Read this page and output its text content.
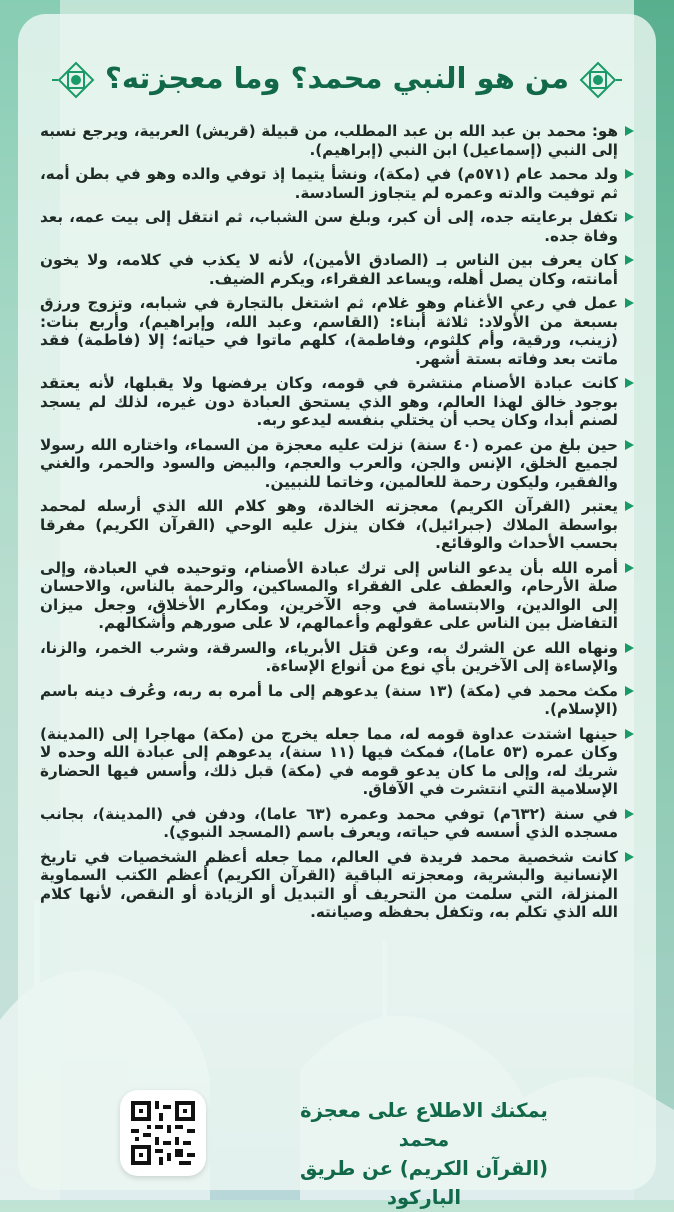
من هو النبي محمد؟ وما معجزته؟
هو: محمد بن عبد الله بن عبد المطلب، من قبيلة (قريش) العربية، ويرجع نسبه إلى النبي (إسماعيل) ابن النبي (إبراهيم).
ولد محمد عام (٥٧١م) في (مكة)، ونشأ يتيما إذ توفي والده وهو في بطن أمه، ثم توفيت والدته وعمره لم يتجاوز السادسة.
تكفل برعايته جده، إلى أن كبر، وبلغ سن الشباب، ثم انتقل إلى بيت عمه، بعد وفاة جده.
كان يعرف بين الناس بـ (الصادق الأمين)، لأنه لا يكذب في كلامه، ولا يخون أمانته، وكان يصل أهله، ويساعد الفقراء، ويكرم الضيف.
عمل في رعي الأغنام وهو غلام، ثم اشتغل بالتجارة في شبابه، وتزوج ورزق بسبعة من الأولاد: ثلاثة أبناء: (القاسم، وعبد الله، وإبراهيم)، وأربع بنات: (زينب، ورقية، وأم كلثوم، وفاطمة)، كلهم ماتوا في حياته؛ إلا (فاطمة) فقد ماتت بعد وفاته بستة أشهر.
كانت عبادة الأصنام منتشرة في قومه، وكان يرفضها ولا يقبلها، لأنه يعتقد بوجود خالق لهذا العالم، وهو الذي يستحق العبادة دون غيره، لذلك لم يسجد لصنم أبدا، وكان يحب أن يختلي بنفسه ليدعو ربه.
حين بلغ من عمره (٤٠ سنة) نزلت عليه معجزة من السماء، واختاره الله رسولا لجميع الخلق، الإنس والجن، والعرب والعجم، والبيض والسود والحمر، والغني والفقير، وليكون رحمة للعالمين، وخاتما للنبيين.
يعتبر (القرآن الكريم) معجزته الخالدة، وهو كلام الله الذي أرسله لمحمد بواسطة الملاك (جبرائيل)، فكان ينزل عليه الوحي (القرآن الكريم) مفرقا بحسب الأحداث والوقائع.
أمره الله بأن يدعو الناس إلى ترك عبادة الأصنام، وتوحيده في العبادة، وإلى صلة الأرحام، والعطف على الفقراء والمساكين، والرحمة بالناس، والاحسان إلى الوالدين، والابتسامة في وجه الآخرين، ومكارم الأخلاق، وجعل ميزان التفاضل بين الناس على عقولهم وأعمالهم، لا على صورهم وأشكالهم.
ونهاه الله عن الشرك به، وعن قتل الأبرياء، والسرقة، وشرب الخمر، والزنا، والإساءة إلى الآخرين بأي نوع من أنواع الإساءة.
مكث محمد في (مكة) (١٣ سنة) يدعوهم إلى ما أمره به ربه، وعُرف دينه باسم (الإسلام).
حينها اشتدت عداوة قومه له، مما جعله يخرج من (مكة) مهاجرا إلى (المدينة) وكان عمره (٥٣ عاما)، فمكث فيها (١١ سنة)، يدعوهم إلى عبادة الله وحده لا شريك له، وإلى ما كان يدعو قومه في (مكة) قبل ذلك، وأسس فيها الحضارة الإسلامية التي انتشرت في الآفاق.
في سنة (٦٣٢م) توفي محمد وعمره (٦٣ عاما)، ودفن في (المدينة)، بجانب مسجده الذي أسسه في حياته، ويعرف باسم (المسجد النبوي).
كانت شخصية محمد فريدة في العالم، مما جعله أعظم الشخصيات في تاريخ الإنسانية والبشرية، ومعجزته الباقية (القرآن الكريم) أعظم الكتب السماوية المنزلة، التي سلمت من التحريف أو التبديل أو الزيادة أو النقص، لأنها كلام الله الذي تكلم به، وتكفل بحفظه وصيانته.
يمكنك الاطلاع على معجزة محمد
(القرآن الكريم) عن طريق الباركود
